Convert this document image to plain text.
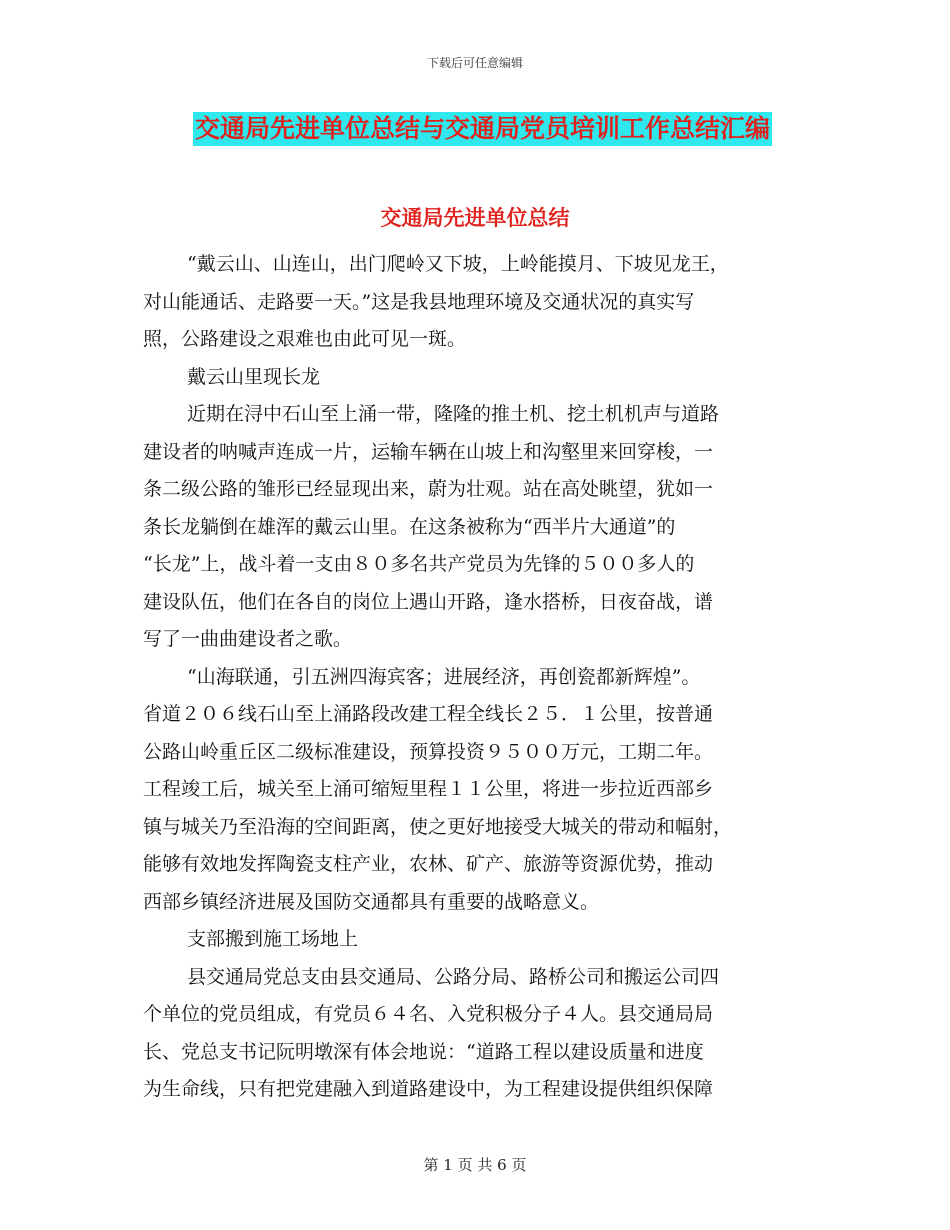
下载后可任意编辑
交通局先进单位总结与交通局党员培训工作总结汇编
交通局先进单位总结
“戴云山、山连山，出门爬岭又下坡，上岭能摸月、下坡见龙王，
对山能通话、走路要一天。”这是我县地理环境及交通状况的真实写
照，公路建设之艰难也由此可见一斑。
戴云山里现长龙
近期在浔中石山至上涌一带，隆隆的推土机、挖土机机声与道路
建设者的呐喊声连成一片，运输车辆在山坡上和沟壑里来回穿梭，一
条二级公路的雏形已经显现出来，蔚为壮观。站在高处眺望，犹如一
条长龙躺倒在雄浑的戴云山里。在这条被称为“西半片大通道”的
“长龙”上，战斗着一支由８０多名共产党员为先锋的５００多人的
建设队伍，他们在各自的岗位上遇山开路，逢水搭桥，日夜奋战，谱
写了一曲曲建设者之歌。
“山海联通，引五洲四海宾客；进展经济，再创瓷都新辉煌”。
省道２０６线石山至上涌路段改建工程全线长２５．１公里，按普通
公路山岭重丘区二级标准建设，预算投资９５００万元，工期二年。
工程竣工后，城关至上涌可缩短里程１１公里，将进一步拉近西部乡
镇与城关乃至沿海的空间距离，使之更好地接受大城关的带动和幅射，
能够有效地发挥陶瓷支柱产业，农林、矿产、旅游等资源优势，推动
西部乡镇经济进展及国防交通都具有重要的战略意义。
支部搬到施工场地上
县交通局党总支由县交通局、公路分局、路桥公司和搬运公司四
个单位的党员组成，有党员６４名、入党积极分子４人。县交通局局
长、党总支书记阮明墩深有体会地说：“道路工程以建设质量和进度
为生命线，只有把党建融入到道路建设中，为工程建设提供组织保障
第 1 页 共 6 页
